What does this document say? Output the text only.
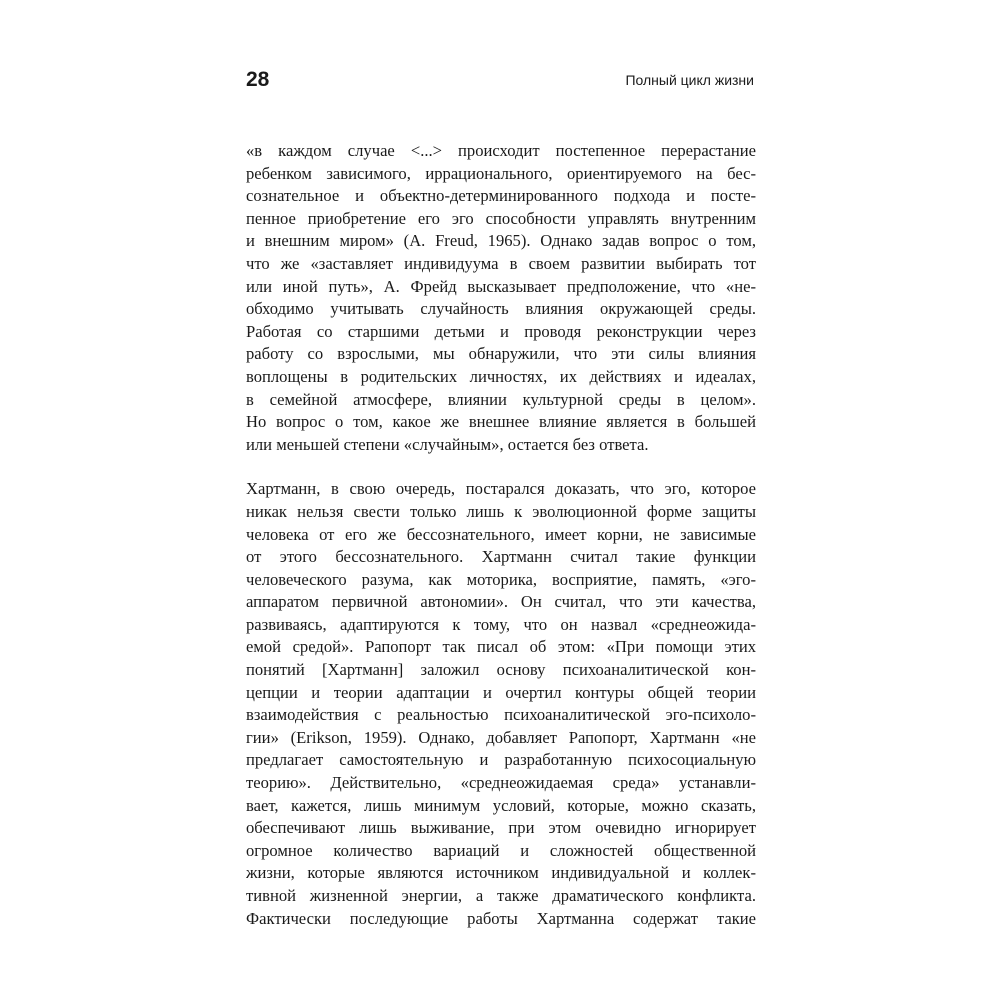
28	Полный цикл жизни
«в каждом случае <...> происходит постепенное перерастание
ребенком зависимого, иррационального, ориентируемого на бес-
сознательное и объектно-детерминированного подхода и посте-
пенное приобретение его эго способности управлять внутренним
и внешним миром» (A. Freud, 1965). Однако задав вопрос о том,
что же «заставляет индивидуума в своем развитии выбирать тот
или иной путь», А. Фрейд высказывает предположение, что «не-
обходимо учитывать случайность влияния окружающей среды.
Работая со старшими детьми и проводя реконструкции через
работу со взрослыми, мы обнаружили, что эти силы влияния
воплощены в родительских личностях, их действиях и идеалах,
в семейной атмосфере, влиянии культурной среды в целом».
Но вопрос о том, какое же внешнее влияние является в большей
или меньшей степени «случайным», остается без ответа.
Хартманн, в свою очередь, постарался доказать, что эго, которое
никак нельзя свести только лишь к эволюционной форме защиты
человека от его же бессознательного, имеет корни, не зависимые
от этого бессознательного. Хартманн считал такие функции
человеческого разума, как моторика, восприятие, память, «эго-
аппаратом первичной автономии». Он считал, что эти качества,
развиваясь, адаптируются к тому, что он назвал «среднеожида-
емой средой». Рапопорт так писал об этом: «При помощи этих
понятий [Хартманн] заложил основу психоаналитической кон-
цепции и теории адаптации и очертил контуры общей теории
взаимодействия с реальностью психоаналитической эго-психоло-
гии» (Erikson, 1959). Однако, добавляет Рапопорт, Хартманн «не
предлагает самостоятельную и разработанную психосоциальную
теорию». Действительно, «среднеожидаемая среда» устанавли-
вает, кажется, лишь минимум условий, которые, можно сказать,
обеспечивают лишь выживание, при этом очевидно игнорирует
огромное количество вариаций и сложностей общественной
жизни, которые являются источником индивидуальной и коллек-
тивной жизненной энергии, а также драматического конфликта.
Фактически последующие работы Хартманна содержат такие
